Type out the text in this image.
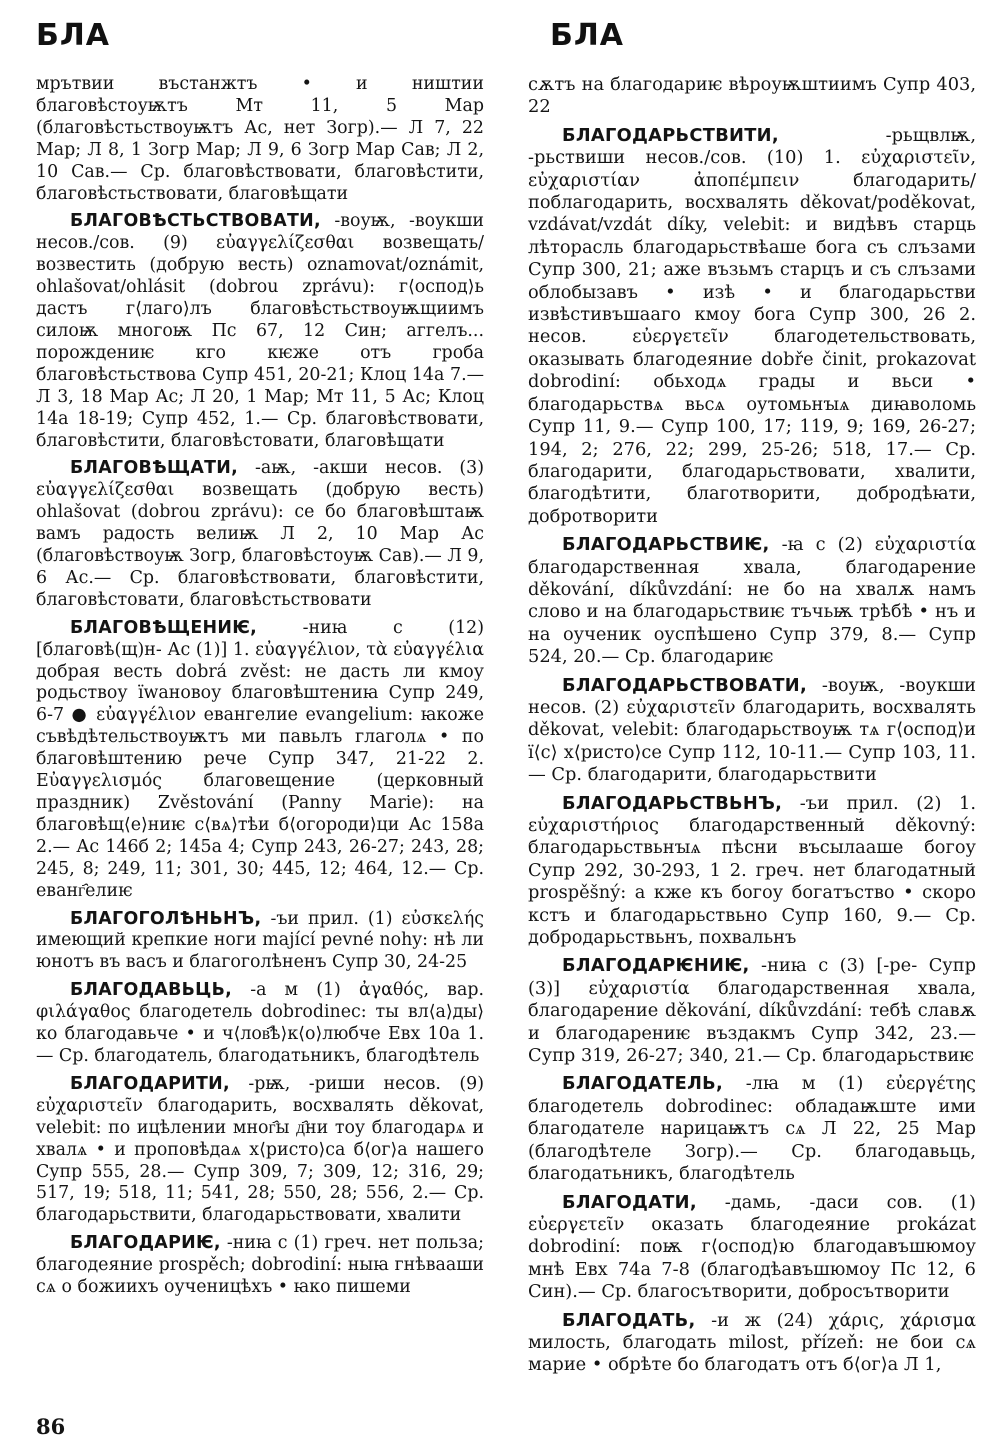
БЛА	БЛА

мрътвии въстанжтъ • и ништии благовѣстоуѭтъ Мт 11, 5 Мар (благовѣстьствоуѭтъ Ас, нет Зогр).— Л 7, 22 Мар; Л 8, 1 Зогр Мар; Л 9, 6 Зогр Мар Сав; Л 2, 10 Сав.— Ср. благовѣствовати, благовѣстити, благовѣстьствовати, благовѣщати

БЛАГОВѢСТЬСТВОВАТИ, -воуѭ, -воукши несов./сов. (9) εὐαγγελίζεσθαι возвещать/возвестить (добрую весть) oznamovat/oznámit, ohlašovat/ohlásit (dobrou zprávu): г⟨ocпoд⟩ь дастъ г⟨лаго⟩лъ благовѣстьствоуѭщиимъ силоѭ многоѭ Пс 67, 12 Син; аггелъ... порождениѥ кго кѥже отъ гроба благовѣстьствова Супр 451, 20-21; Клоц 14а 7.— Л 3, 18 Мар Ас; Л 20, 1 Мар; Мт 11, 5 Ас; Клоц 14а 18-19; Супр 452, 1.— Ср. благовѣствовати, благовѣстити, благовѣстовати, благовѣщати

БЛАГОВѢЩАТИ, -аѭ, -акши несов. (3) εὐαγγελίζεσθαι возвещать (добрую весть) ohlašovat (dobrou zprávu): се бо благовѣштаѭ вамъ радость велиѭ Л 2, 10 Мар Ас (благовѣствоуѭ Зогр, благовѣстоуѭ Сав).— Л 9, 6 Ас.— Ср. благовѣствовати, благовѣстити, благовѣстовати, благовѣстьствовати

БЛАГОВѢЩЕНИѤ, -ниꙗ с (12) [благовѣ(щ)н- Ас (1)] 1. εὐαγγέλιον, τὰ εὐαγγέλια добрая весть dobrá zvěst: не дасть ли кмоу родьствоу їwановоу благовѣштениꙗ Супр 249, 6-7 ● εὐαγγέλιον евангелие evangelium: ꙗкоже съвѣдѣтельствоуѭтъ ми павьлъ глаголѧ • по благовѣштению рече Супр 347, 21-22 2. Εὐαγγελισμός благовещение (церковный праздник) Zvěstování (Panny Marie): на благовѣщ⟨е⟩ниѥ с⟨вѧ⟩тѣи б⟨огороди⟩ци Ас 158а 2.— Ас 146б 2; 145а 4; Супр 243, 26-27; 243, 28; 245, 8; 249, 11; 301, 30; 445, 12; 464, 12.— Ср. еванг҄елиѥ

БЛАГОГОЛѢНЬНЪ, -ъи прил. (1) εὐσκελής имеющий крепкие ноги mající pevné nohy: нѣ ли юнотъ въ васъ и благоголѣненъ Супр 30, 24-25

БЛАГОДАВЬЦЬ, -а м (1) ἀγαθός, вар. φιλάγαθος благодетель dobrodinec: ты вл⟨а⟩ды⟩ко благодавьче • и ч⟨лов҄ѣ⟩к⟨о⟩любче Евх 10а 1.— Ср. благодатель, благодатьникъ, благодѣтель

БЛАГОДАРИТИ, -рѭ, -риши несов. (9) εὐχαριστεῖν благодарить, восхвалять děkovat, velebit: по ицѣлении мног҄ы д҄ни тоу благодарѧ и хвалѧ • и проповѣдаѧ х⟨ристо⟩са б⟨ог⟩а нашего Супр 555, 28.— Супр 309, 7; 309, 12; 316, 29; 517, 19; 518, 11; 541, 28; 550, 28; 556, 2.— Ср. благодарьствити, благодарьствовати, хвалити

БЛАГОДАРИѤ, -ниꙗ с (1) греч. нет польза; благодеяние prospěch; dobrodiní: ныꙗ гнѣвааши сѧ о божиихъ оученицѣхъ • ꙗко пишеми

сѫтъ на благодариѥ вѣроуѭштиимъ Супр 403, 22

БЛАГОДАРЬСТВИТИ, -рьщвлѭ, -рьствиши несов./сов. (10) 1. εὐχαριστεῖν, εὐχαριστίαν ἀποπέμπειν благодарить/поблагодарить, восхвалять děkovat/poděkovat, vzdávat/vzdát díky, velebit: и видѣвъ старць лѣторасль благодарьствѣаше бога съ слъзами Супр 300, 21; аже възьмъ старцъ и съ слъзами облобызавъ • изѣ • и благодарьстви извѣстивъшааго кмоу бога Супр 300, 26 2. несов. εὐεργετεῖν благодетельствовать, оказывать благодеяние dobře činit, prokazovat dobrodiní: обьходѧ грады и вьси • благодарьствѧ вьсѧ оутомьнꙑѧ диꙗволомь Супр 11, 9.— Супр 100, 17; 119, 9; 169, 26-27; 194, 2; 276, 22; 299, 25-26; 518, 17.— Ср. благодарити, благодарьствовати, хвалити, благодѣтити, благотворити, добродѣꙗти, добротворити

БЛАГОДАРЬСТВИѤ, -ꙗ с (2) εὐχαριστία благодарственная хвала, благодарение děkování, díkůvzdání: не бо на хвалѫ намъ слово и на благодарьствиѥ тъчьѭ трѣбѣ • нъ и на оученик оуспѣшено Супр 379, 8.— Супр 524, 20.— Ср. благодариѥ

БЛАГОДАРЬСТВОВАТИ, -воуѭ, -воукши несов. (2) εὐχαριστεῖν благодарить, восхвалять děkovat, velebit: благодарьствоуѭ тѧ г⟨оспод⟩и ї⟨с⟩ х⟨ристо⟩се Супр 112, 10-11.— Супр 103, 11.— Ср. благодарити, благодарьствити

БЛАГОДАРЬСТВЬНЪ, -ъи прил. (2) 1. εὐχαριστήριος благодарственный děkovný: благодарьствьнꙑѧ пѣсни въсылааше богоу Супр 292, 30-293, 1 2. греч. нет благодатный prospěšný: а кже къ богоу богатъство • скоро кстъ и благодарьствьно Супр 160, 9.— Ср. добродарьствьнъ, похвальнъ

БЛАГОДАРѤНИѤ, -ниꙗ с (3) [-ре- Супр (3)] εὐχαριστία благодарственная хвала, благодарение děkování, díkůvzdání: тебѣ славѫ и благодарениѥ въздакмъ Супр 342, 23.— Супр 319, 26-27; 340, 21.— Ср. благодарьствиѥ

БЛАГОДАТЕЛЬ, -лꙗ м (1) εὐεργέτης благодетель dobrodinec: обладаѭште ими благодателе нарицаѭтъ сѧ Л 22, 25 Мар (благодѣтеле Зогр).— Ср. благодавьць, благодатьникъ, благодѣтель

БЛАГОДАТИ, -дамь, -даси сов. (1) εὐεργετεῖν оказать благодеяние prokázat dobrodiní: поѭ г⟨оспод⟩ю благодавъшюмоу мнѣ Евх 74а 7-8 (благодѣавъшюмоу Пс 12, 6 Син).— Ср. благосътворити, добросътворити

БЛАГОДАТЬ, -и ж (24) χάρις, χάρισμα милость, благодать milost, přízeň: не бои сѧ марие • обрѣте бо благодатъ отъ б⟨ог⟩а Л 1,

86
